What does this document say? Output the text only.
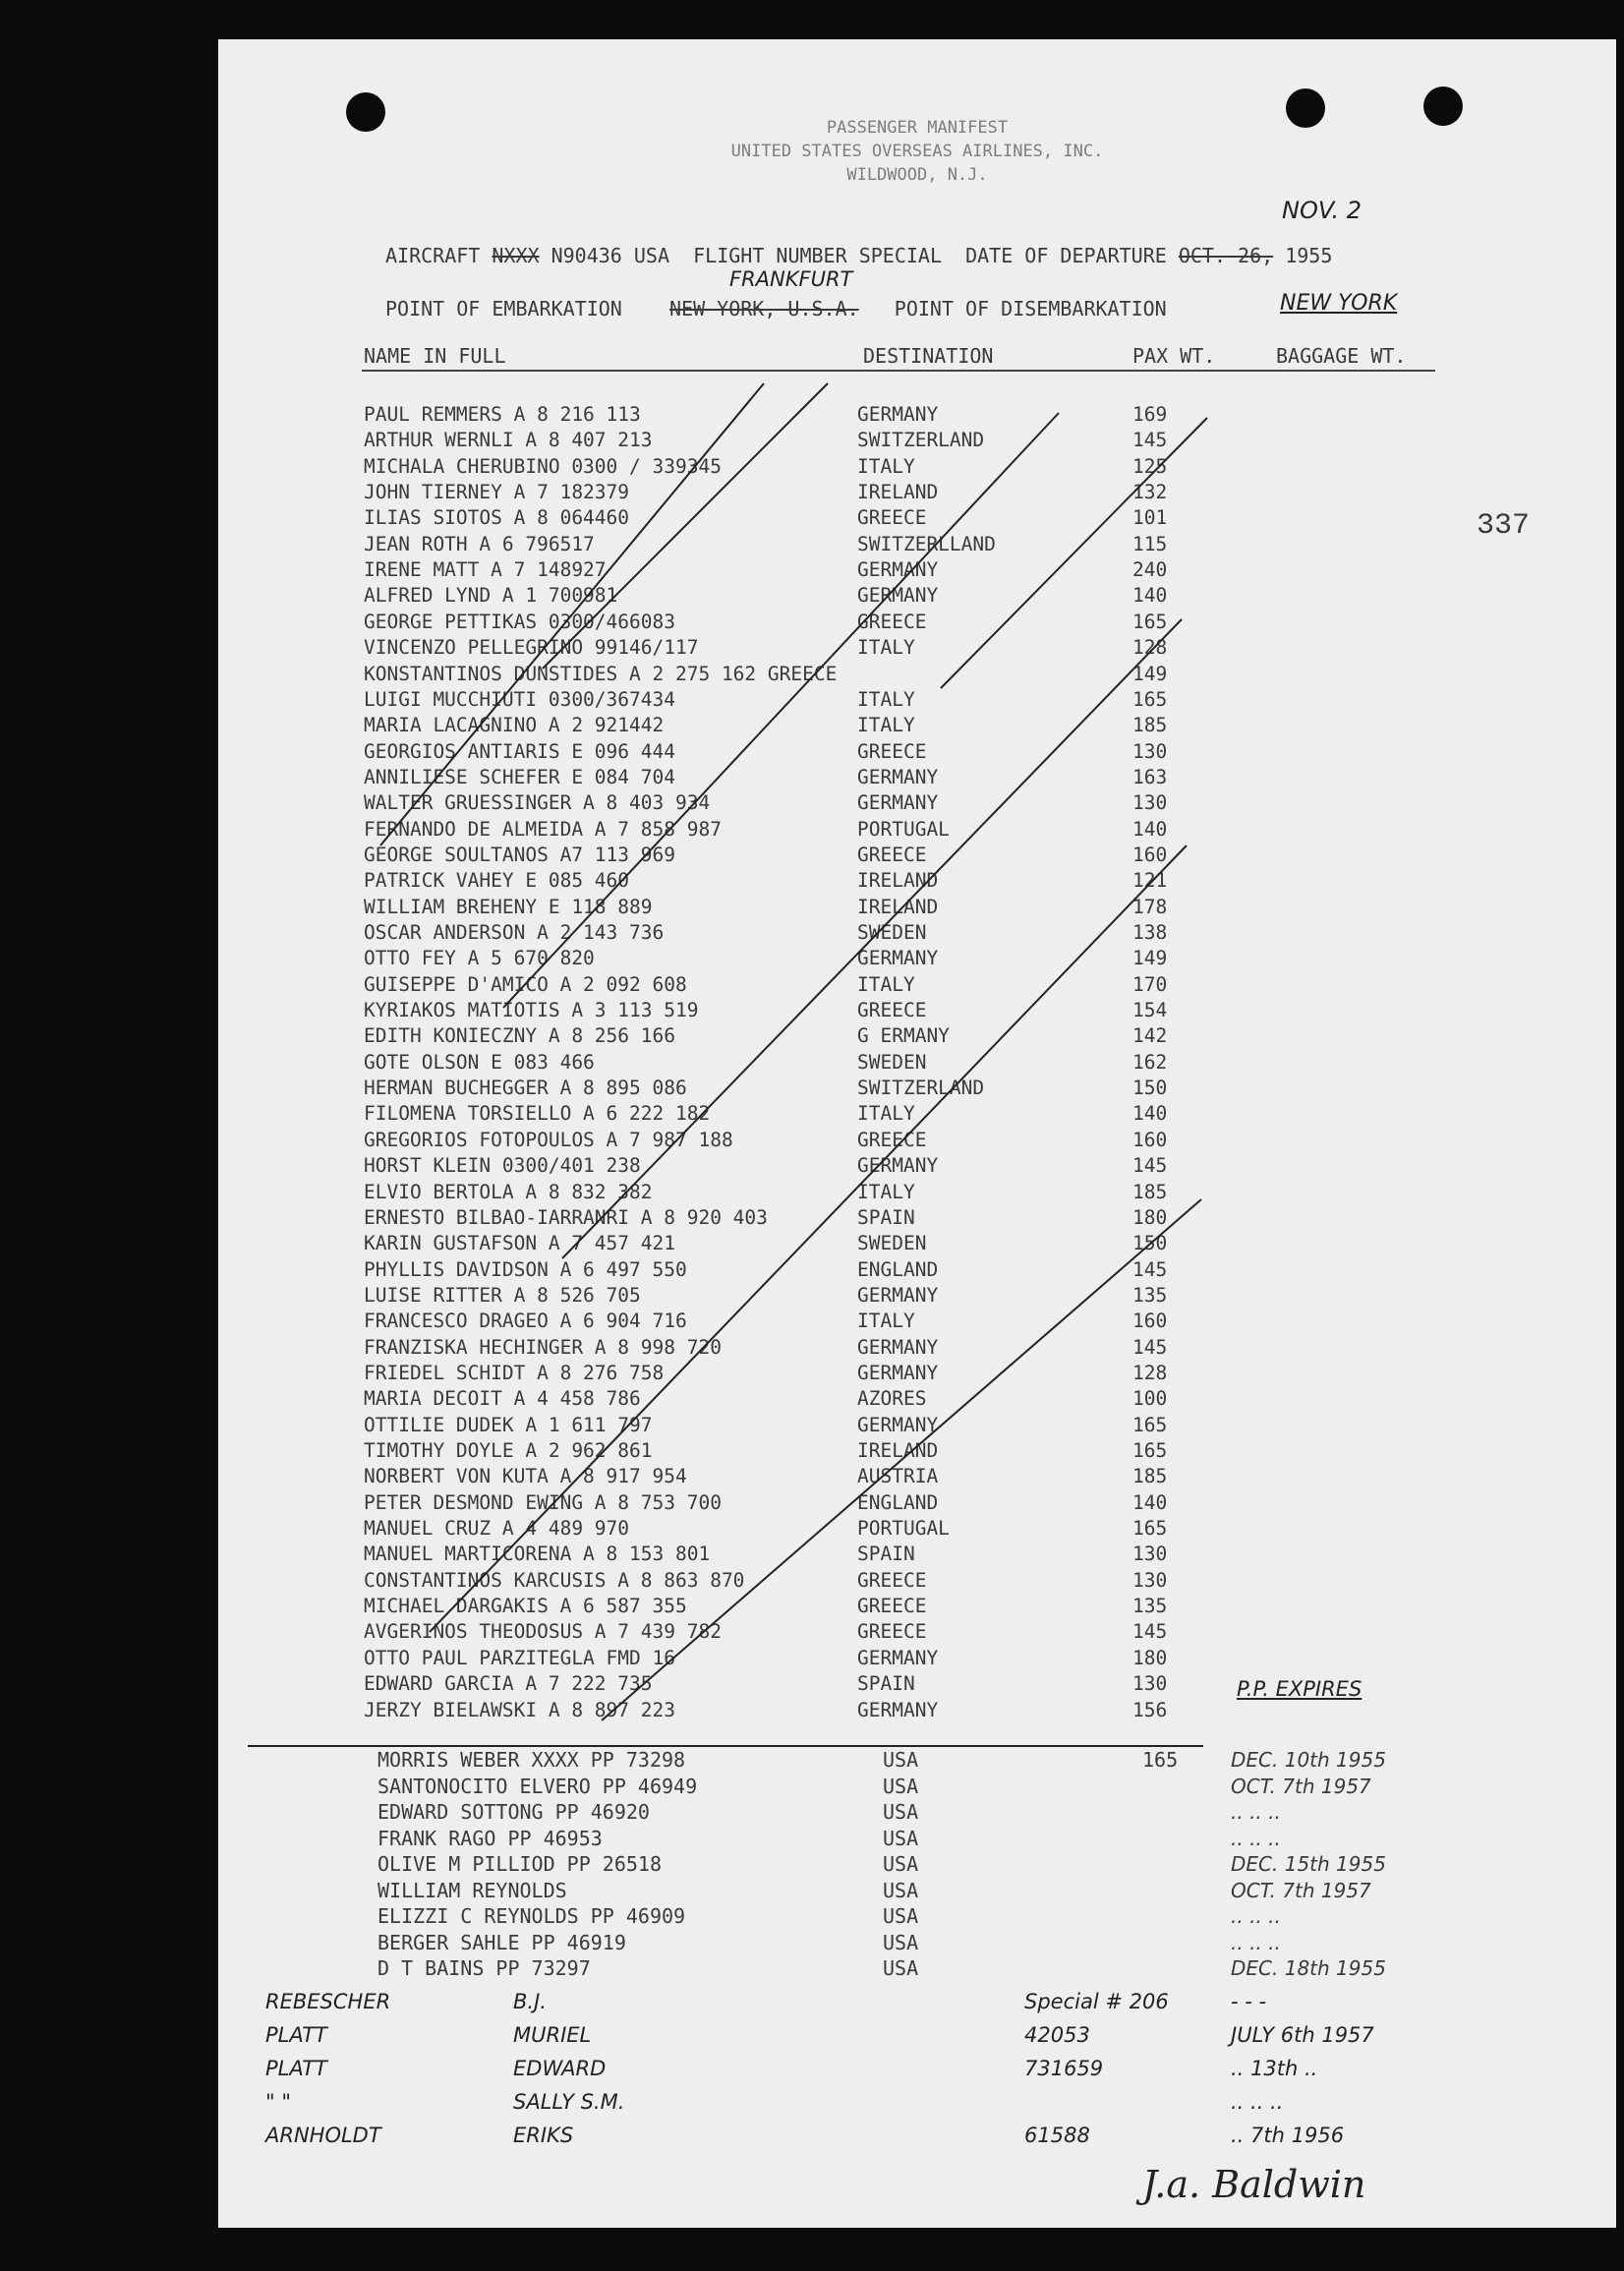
PASSENGER MANIFEST
UNITED STATES OVERSEAS AIRLINES, INC.
WILDWOOD, N.J.
NOV. 2
AIRCRAFT NXXX N90436 USA FLIGHT NUMBER SPECIAL DATE OF DEPARTURE OCT. 26, 1955
FRANKFURT
POINT OF EMBARKATION NEW YORK, U.S.A. POINT OF DISEMBARKATION	NEW YORK
NAME IN FULL	DESTINATION	PAX WT.	BAGGAGE WT.
337
PAUL REMMERS A 8 216 113	GERMANY	169
ARTHUR WERNLI A 8 407 213	SWITZERLAND	145
MICHALA CHERUBINO 0300 / 339345	ITALY	125
JOHN TIERNEY A 7 182379	IRELAND	132
ILIAS SIOTOS A 8 064460	GREECE	101
JEAN ROTH A 6 796517	SWITZERLLAND	115
IRENE MATT A 7 148927	GERMANY	240
ALFRED LYND A 1 700981	GERMANY	140
GEORGE PETTIKAS 0300/466083	GREECE	165
VINCENZO PELLEGRINO 99146/117	ITALY	128
KONSTANTINOS DUNSTIDES A 2 275 162 GREECE	149
LUIGI MUCCHIUTI 0300/367434	ITALY	165
MARIA LACAGNINO A 2 921442	ITALY	185
GEORGIOS ANTIARIS E 096 444	GREECE	130
ANNILIESE SCHEFER E 084 704	GERMANY	163
WALTER GRUESSINGER A 8 403 934	GERMANY	130
FERNANDO DE ALMEIDA A 7 858 987	PORTUGAL	140
GEORGE SOULTANOS A7 113 969	GREECE	160
PATRICK VAHEY E 085 460	IRELAND	121
WILLIAM BREHENY E 118 889	IRELAND	178
OSCAR ANDERSON A 2 143 736	SWEDEN	138
OTTO FEY A 5 670 820	GERMANY	149
GUISEPPE D'AMICO A 2 092 608	ITALY	170
KYRIAKOS MATIOTIS A 3 113 519	GREECE	154
EDITH KONIECZNY A 8 256 166	G ERMANY	142
GOTE OLSON E 083 466	SWEDEN	162
HERMAN BUCHEGGER A 8 895 086	SWITZERLAND	150
FILOMENA TORSIELLO A 6 222 182	ITALY	140
GREGORIOS FOTOPOULOS A 7 987 188	GREECE	160
HORST KLEIN 0300/401 238	GERMANY	145
ELVIO BERTOLA A 8 832 382	ITALY	185
ERNESTO BILBAO-IARRANRI A 8 920 403	SPAIN	180
KARIN GUSTAFSON A 7 457 421	SWEDEN	150
PHYLLIS DAVIDSON A 6 497 550	ENGLAND	145
LUISE RITTER A 8 526 705	GERMANY	135
FRANCESCO DRAGEO A 6 904 716	ITALY	160
FRANZISKA HECHINGER A 8 998 720	GERMANY	145
FRIEDEL SCHIDT A 8 276 758	GERMANY	128
MARIA DECOIT A 4 458 786	AZORES	100
OTTILIE DUDEK A 1 611 797	GERMANY	165
TIMOTHY DOYLE A 2 962 861	IRELAND	165
NORBERT VON KUTA A 8 917 954	AUSTRIA	185
PETER DESMOND EWING A 8 753 700	ENGLAND	140
MANUEL CRUZ A 4 489 970	PORTUGAL	165
MANUEL MARTICORENA A 8 153 801	SPAIN	130
CONSTANTINOS KARCUSIS A 8 863 870	GREECE	130
MICHAEL DARGAKIS A 6 587 355	GREECE	135
AVGERINOS THEODOSUS A 7 439 782	GREECE	145
OTTO PAUL PARZITEGLA FMD 16	GERMANY	180
EDWARD GARCIA A 7 222 735	SPAIN	130
JERZY BIELAWSKI A 8 897 223	GERMANY	156
P.P. EXPIRES
MORRIS WEBER XXXX PP 73298	USA	165	DEC. 10th 1955
SANTONOCITO ELVERO PP 46949	USA	OCT. 7th 1957
EDWARD SOTTONG PP 46920	USA	.. .. ..
FRANK RAGO PP 46953	USA	.. .. ..
OLIVE M PILLIOD PP 26518	USA	DEC. 15th 1955
WILLIAM REYNOLDS	USA	OCT. 7th 1957
ELIZZI C REYNOLDS PP 46909	USA	.. .. ..
BERGER SAHLE PP 46919	USA	.. .. ..
D T BAINS PP 73297	USA	DEC. 18th 1955
REBESCHER	B.J.	Special # 206	- - -
PLATT	MURIEL	42053	JULY 6th 1957
PLATT	EDWARD	731659	.. 13th ..
" "	SALLY S.M.	.. .. ..
ARNHOLDT	ERIKS	61588	.. 7th 1956
J.a. Baldwin
